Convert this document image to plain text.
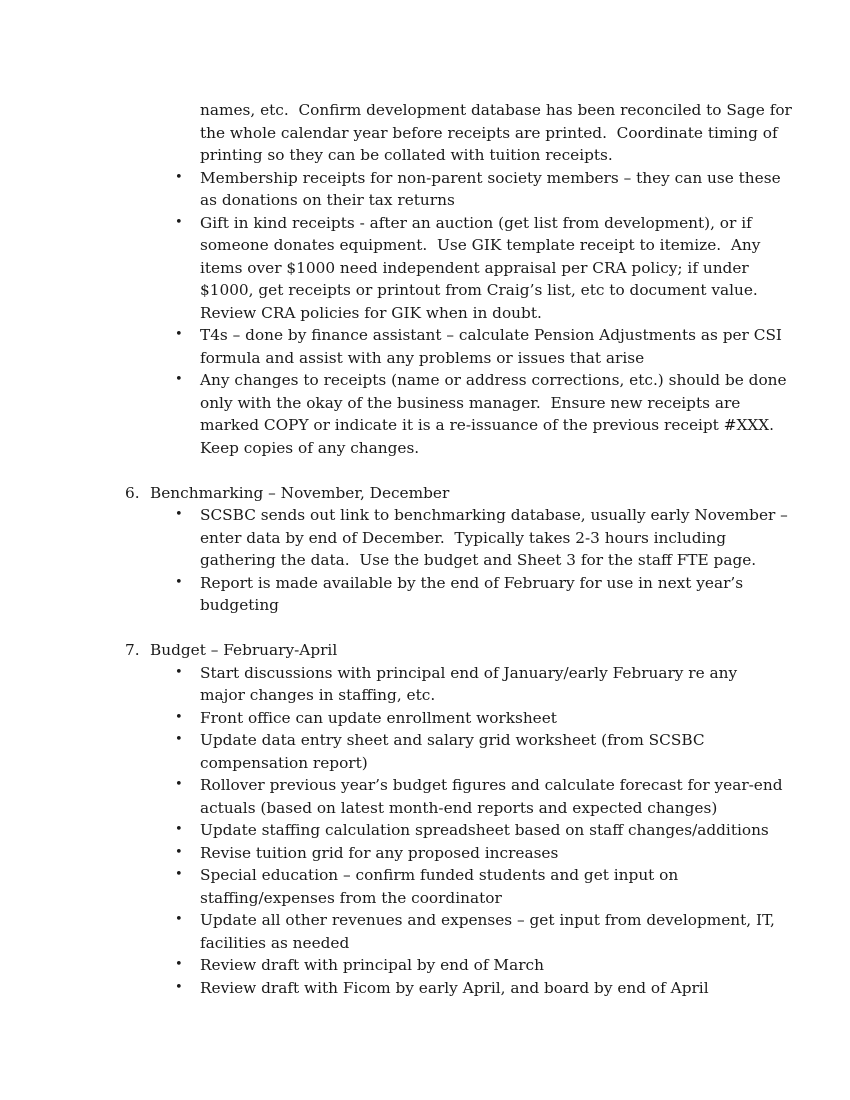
names, etc.  Confirm development database has been reconciled to Sage for
the whole calendar year before receipts are printed.  Coordinate timing of
printing so they can be collated with tuition receipts.
• Membership receipts for non-parent society members – they can use these
as donations on their tax returns
• Gift in kind receipts - after an auction (get list from development), or if
someone donates equipment.  Use GIK template receipt to itemize.  Any
items over $1000 need independent appraisal per CRA policy; if under
$1000, get receipts or printout from Craig’s list, etc to document value.
Review CRA policies for GIK when in doubt.
• T4s – done by finance assistant – calculate Pension Adjustments as per CSI
formula and assist with any problems or issues that arise
• Any changes to receipts (name or address corrections, etc.) should be done
only with the okay of the business manager.  Ensure new receipts are
marked COPY or indicate it is a re-issuance of the previous receipt #XXX.
Keep copies of any changes.
6. Benchmarking – November, December
• SCSBC sends out link to benchmarking database, usually early November –
enter data by end of December.  Typically takes 2-3 hours including
gathering the data.  Use the budget and Sheet 3 for the staff FTE page.
• Report is made available by the end of February for use in next year’s
budgeting
7. Budget – February-April
• Start discussions with principal end of January/early February re any
major changes in staffing, etc.
• Front office can update enrollment worksheet
• Update data entry sheet and salary grid worksheet (from SCSBC
compensation report)
• Rollover previous year’s budget figures and calculate forecast for year-end
actuals (based on latest month-end reports and expected changes)
• Update staffing calculation spreadsheet based on staff changes/additions
• Revise tuition grid for any proposed increases
• Special education – confirm funded students and get input on
staffing/expenses from the coordinator
• Update all other revenues and expenses – get input from development, IT,
facilities as needed
• Review draft with principal by end of March
• Review draft with Ficom by early April, and board by end of April
